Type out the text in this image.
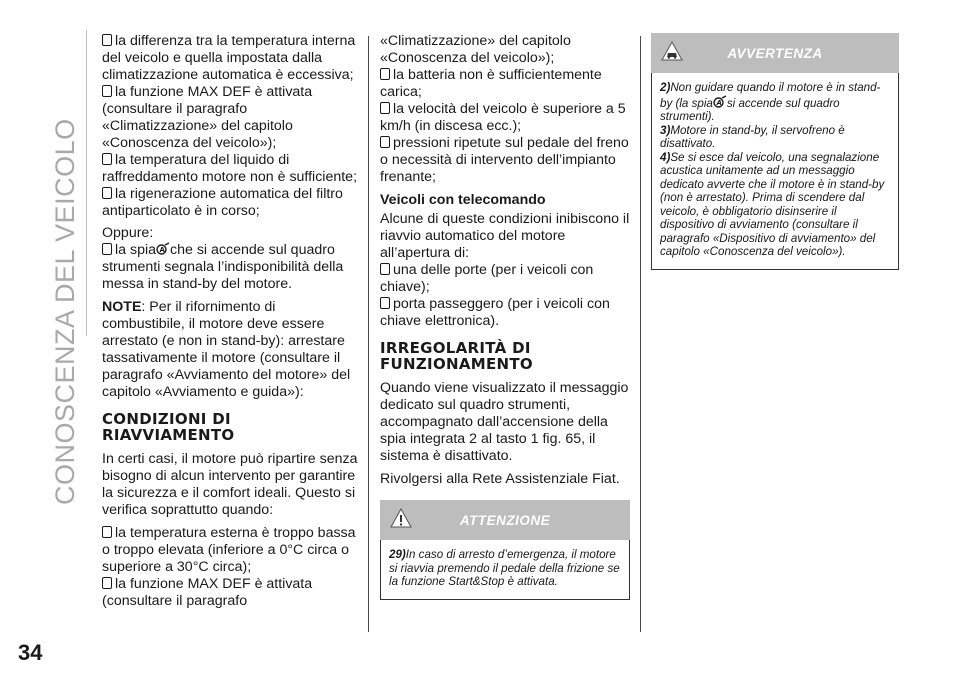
CONOSCENZA DEL VEICOLO
34
la differenza tra la temperatura interna del veicolo e quella impostata dalla climatizzazione automatica è eccessiva;
la funzione MAX DEF è attivata (consultare il paragrafo «Climatizzazione» del capitolo «Conoscenza del veicolo»);
la temperatura del liquido di raffreddamento motore non è sufficiente;
la rigenerazione automatica del filtro antiparticolato è in corso;
Oppure:
la spia A che si accende sul quadro strumenti segnala l’indisponibilità della messa in stand-by del motore.
NOTE: Per il rifornimento di combustibile, il motore deve essere arrestato (e non in stand-by): arrestare tassativamente il motore (consultare il paragrafo «Avviamento del motore» del capitolo «Avviamento e guida»):
CONDIZIONI DI RIAVVIAMENTO
In certi casi, il motore può ripartire senza bisogno di alcun intervento per garantire la sicurezza e il comfort ideali. Questo si verifica soprattutto quando:
la temperatura esterna è troppo bassa o troppo elevata (inferiore a 0°C circa o superiore a 30°C circa);
la funzione MAX DEF è attivata (consultare il paragrafo
«Climatizzazione» del capitolo «Conoscenza del veicolo»);
la batteria non è sufficientemente carica;
la velocità del veicolo è superiore a 5 km/h (in discesa ecc.);
pressioni ripetute sul pedale del freno o necessità di intervento dell’impianto frenante;
Veicoli con telecomando
Alcune di queste condizioni inibiscono il riavvio automatico del motore all’apertura di:
una delle porte (per i veicoli con chiave);
porta passeggero (per i veicoli con chiave elettronica).
IRREGOLARITÀ DI FUNZIONAMENTO
Quando viene visualizzato il messaggio dedicato sul quadro strumenti, accompagnato dall’accensione della spia integrata 2 al tasto 1 fig. 65, il sistema è disattivato.
Rivolgersi alla Rete Assistenziale Fiat.
ATTENZIONE
29)In caso di arresto d’emergenza, il motore si riavvia premendo il pedale della frizione se la funzione Start&Stop è attivata.
AVVERTENZA
2)Non guidare quando il motore è in stand-by (la spia A si accende sul quadro strumenti).
3)Motore in stand-by, il servofreno è disattivato.
4)Se si esce dal veicolo, una segnalazione acustica unitamente ad un messaggio dedicato avverte che il motore è in stand-by (non è arrestato). Prima di scendere dal veicolo, è obbligatorio disinserire il dispositivo di avviamento (consultare il paragrafo «Dispositivo di avviamento» del capitolo «Conoscenza del veicolo»).
